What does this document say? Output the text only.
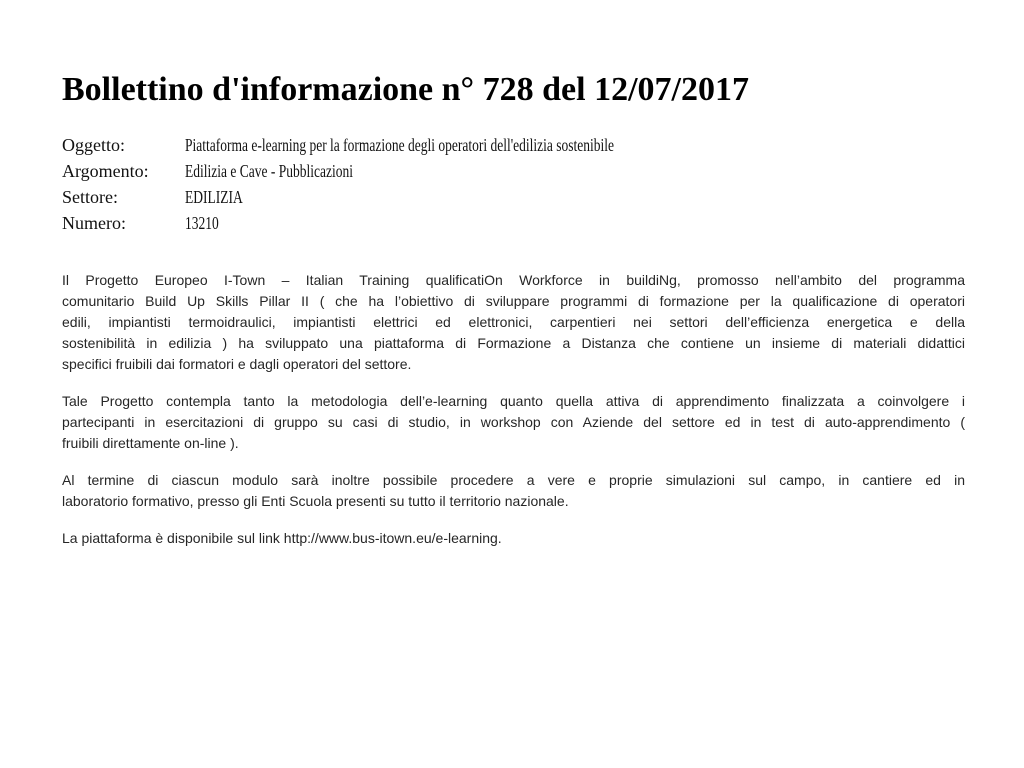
Bollettino d'informazione n° 728 del 12/07/2017
Oggetto:	Piattaforma e-learning per la formazione degli operatori dell'edilizia sostenibile
Argomento:	Edilizia e Cave - Pubblicazioni
Settore:	EDILIZIA
Numero:	13210

Il Progetto Europeo I-Town – Italian Training qualificatiOn Workforce in buildiNg, promosso nell’ambito del programma
comunitario Build Up Skills Pillar II ( che ha l’obiettivo di sviluppare programmi di formazione per la qualificazione di operatori
edili, impiantisti termoidraulici, impiantisti elettrici ed elettronici, carpentieri nei settori dell’efficienza energetica e della
sostenibilità in edilizia ) ha sviluppato una piattaforma di Formazione a Distanza che contiene un insieme di materiali didattici
specifici fruibili dai formatori e dagli operatori del settore.

Tale Progetto contempla tanto la metodologia dell’e-learning quanto quella attiva di apprendimento finalizzata a coinvolgere i
partecipanti in esercitazioni di gruppo su casi di studio, in workshop con Aziende del settore ed in test di auto-apprendimento (
fruibili direttamente on-line ).

Al termine di ciascun modulo sarà inoltre possibile procedere a vere e proprie simulazioni sul campo, in cantiere ed in
laboratorio formativo, presso gli Enti Scuola presenti su tutto il territorio nazionale.

La piattaforma è disponibile sul link http://www.bus-itown.eu/e-learning.
